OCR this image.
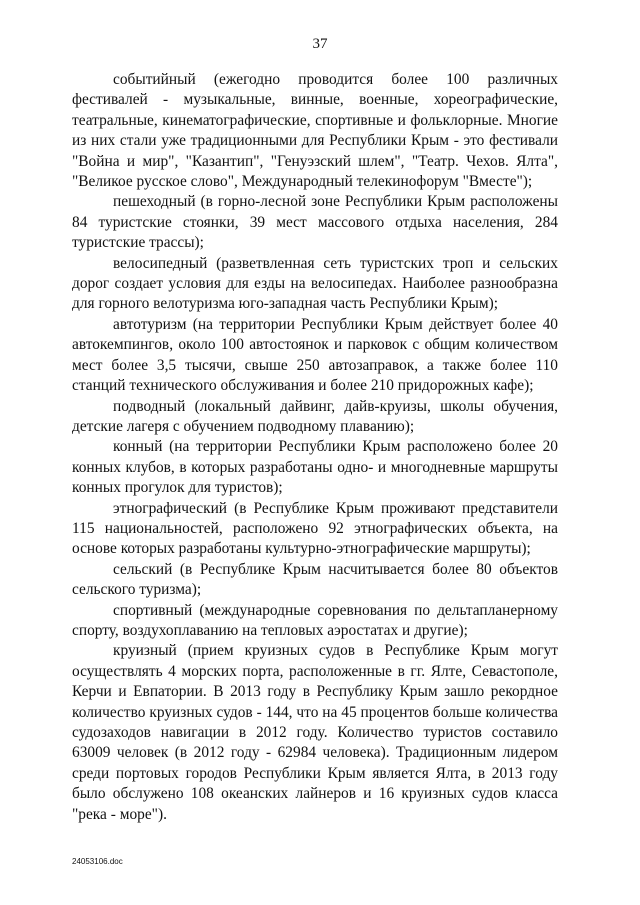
37

событийный (ежегодно проводится более 100 различных фестивалей - музыкальные, винные, военные, хореографические, театральные, кинематографические, спортивные и фольклорные. Многие из них стали уже традиционными для Республики Крым - это фестивали "Война и мир", "Казантип", "Генуэзский шлем", "Театр. Чехов. Ялта", "Великое русское слово", Международный телекинофорум "Вместе");

пешеходный (в горно-лесной зоне Республики Крым расположены 84 туристские стоянки, 39 мест массового отдыха населения, 284 туристские трассы);

велосипедный (разветвленная сеть туристских троп и сельских дорог создает условия для езды на велосипедах. Наиболее разнообразна для горного велотуризма юго-западная часть Республики Крым);

автотуризм (на территории Республики Крым действует более 40 автокемпингов, около 100 автостоянок и парковок с общим количеством мест более 3,5 тысячи, свыше 250 автозаправок, а также более 110 станций технического обслуживания и более 210 придорожных кафе);

подводный (локальный дайвинг, дайв-круизы, школы обучения, детские лагеря с обучением подводному плаванию);

конный (на территории Республики Крым расположено более 20 конных клубов, в которых разработаны одно- и многодневные маршруты конных прогулок для туристов);

этнографический (в Республике Крым проживают представители 115 национальностей, расположено 92 этнографических объекта, на основе которых разработаны культурно-этнографические маршруты);

сельский (в Республике Крым насчитывается более 80 объектов сельского туризма);

спортивный (международные соревнования по дельтапланерному спорту, воздухоплаванию на тепловых аэростатах и другие);

круизный (прием круизных судов в Республике Крым могут осуществлять 4 морских порта, расположенные в гг. Ялте, Севастополе, Керчи и Евпатории. В 2013 году в Республику Крым зашло рекордное количество круизных судов - 144, что на 45 процентов больше количества судозаходов навигации в 2012 году. Количество туристов составило 63009 человек (в 2012 году - 62984 человека). Традиционным лидером среди портовых городов Республики Крым является Ялта, в 2013 году было обслужено 108 океанских лайнеров и 16 круизных судов класса "река - море").

24053106.doc
